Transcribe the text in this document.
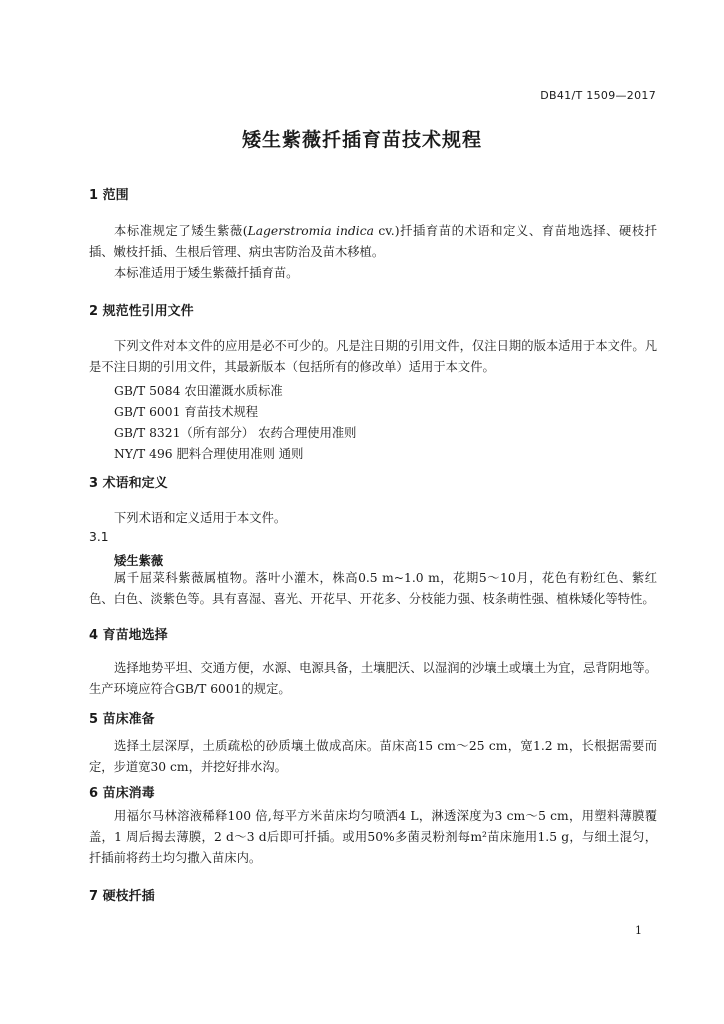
DB41/T 1509—2017
矮生紫薇扦插育苗技术规程
1 范围
本标准规定了矮生紫薇(Lagerstromia indica cv.)扦插育苗的术语和定义、育苗地选择、硬枝扦插、嫩枝扦插、生根后管理、病虫害防治及苗木移植。
本标准适用于矮生紫薇扦插育苗。
2 规范性引用文件
下列文件对本文件的应用是必不可少的。凡是注日期的引用文件，仅注日期的版本适用于本文件。凡是不注日期的引用文件，其最新版本（包括所有的修改单）适用于本文件。
GB/T 5084 农田灌溉水质标准
GB/T 6001 育苗技术规程
GB/T 8321（所有部分） 农药合理使用准则
NY/T 496 肥料合理使用准则 通则
3 术语和定义
下列术语和定义适用于本文件。
3.1
矮生紫薇
属千屈菜科紫薇属植物。落叶小灌木，株高0.5 m~1.0 m，花期5～10月，花色有粉红色、紫红色、白色、淡紫色等。具有喜湿、喜光、开花早、开花多、分枝能力强、枝条萌性强、植株矮化等特性。
4 育苗地选择
选择地势平坦、交通方便，水源、电源具备，土壤肥沃、以湿润的沙壤土或壤土为宜，忌背阴地等。生产环境应符合GB/T 6001的规定。
5 苗床准备
选择土层深厚，土质疏松的砂质壤土做成高床。苗床高15 cm～25 cm，宽1.2 m，长根据需要而定，步道宽30 cm，并挖好排水沟。
6 苗床消毒
用福尔马林溶液稀释100 倍,每平方米苗床均匀喷洒4 L，淋透深度为3 cm～5 cm，用塑料薄膜覆盖，1 周后揭去薄膜，2 d～3 d后即可扦插。或用50%多菌灵粉剂每m²苗床施用1.5 g，与细土混匀，扦插前将药土均匀撒入苗床内。
7 硬枝扦插
1
